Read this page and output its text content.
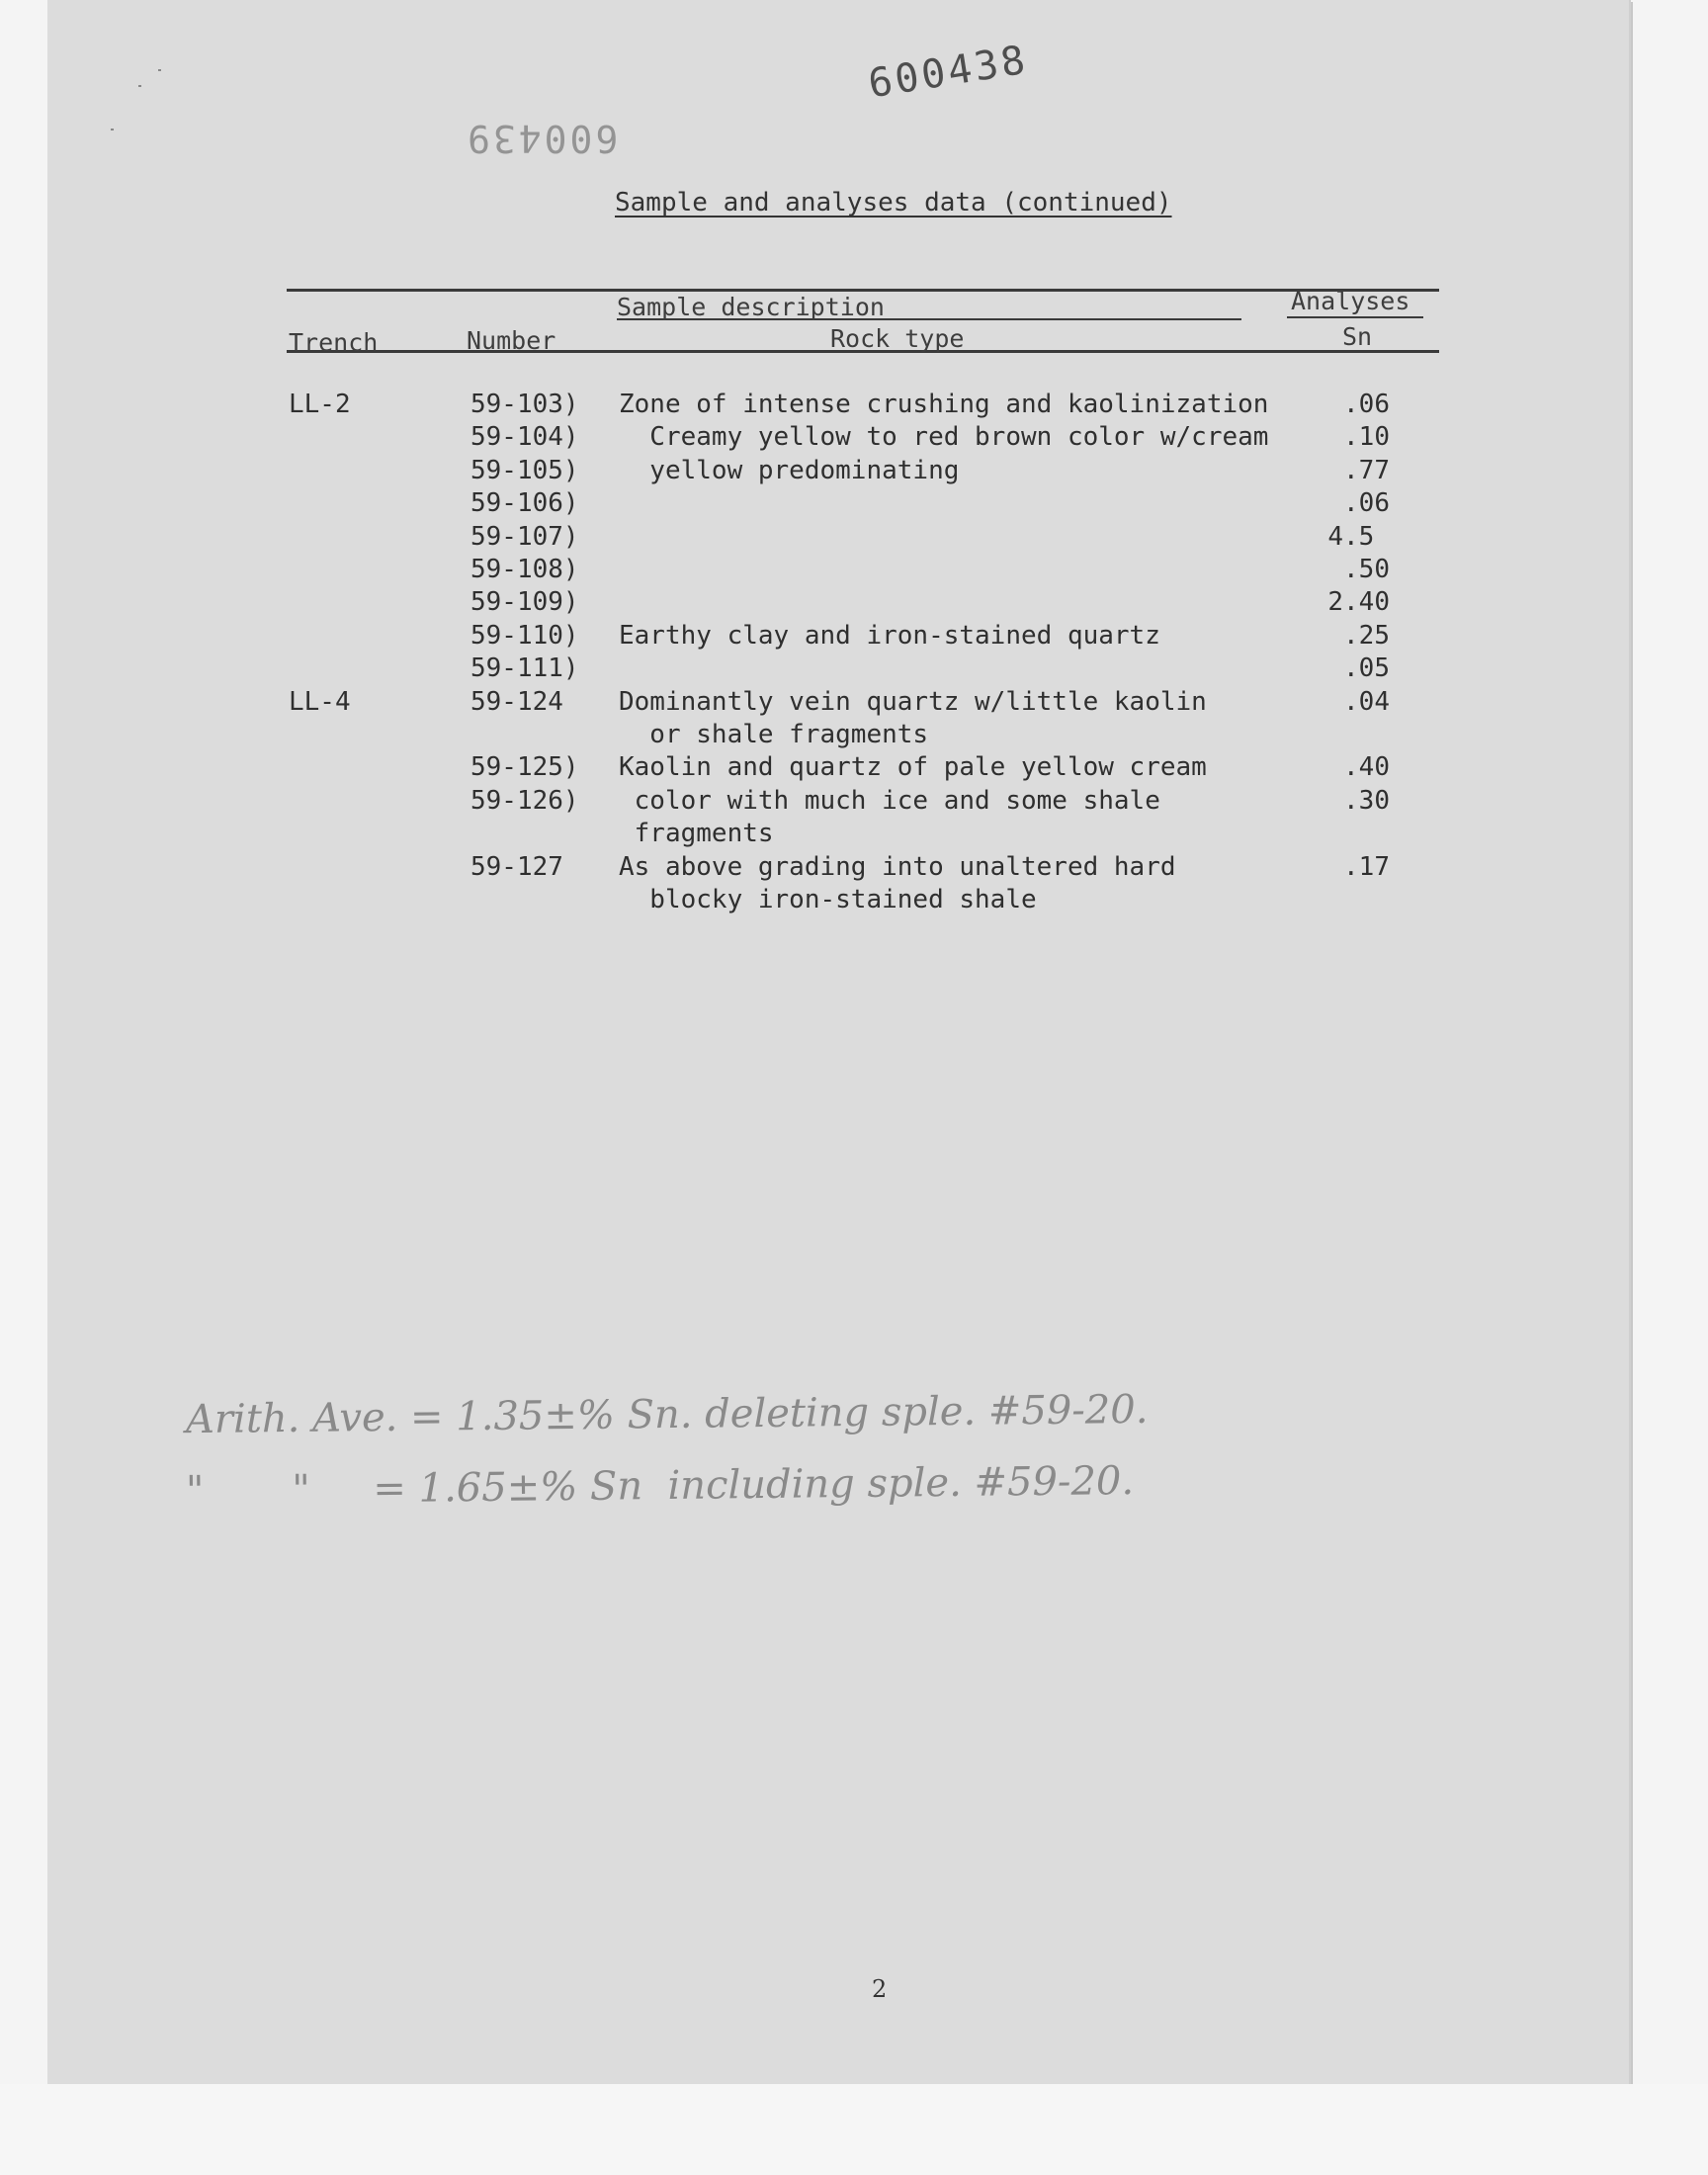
600438
600439
Sample and analyses data (continued)
Sample description	Analyses
Trench	Number	Rock type	Sn
LL-2	59-103) Zone of intense crushing and kaolinization	.06
59-104) Creamy yellow to red brown color w/cream	.10
59-105) yellow predominating	.77
59-106)	.06
59-107)	4.5
59-108)	.50
59-109)	2.40
59-110) Earthy clay and iron-stained quartz	.25
59-111)	.05
LL-4	59-124 Dominantly vein quartz w/little kaolin	.04
or shale fragments
59-125) Kaolin and quartz of pale yellow cream	.40
59-126) color with much ice and some shale	.30
fragments
59-127 As above grading into unaltered hard	.17
blocky iron-stained shale
Arith. Ave. = 1.35±% Sn. deleting sple. #59-20.
"       "     = 1.65±% Sn  including sple. #59-20.
2
